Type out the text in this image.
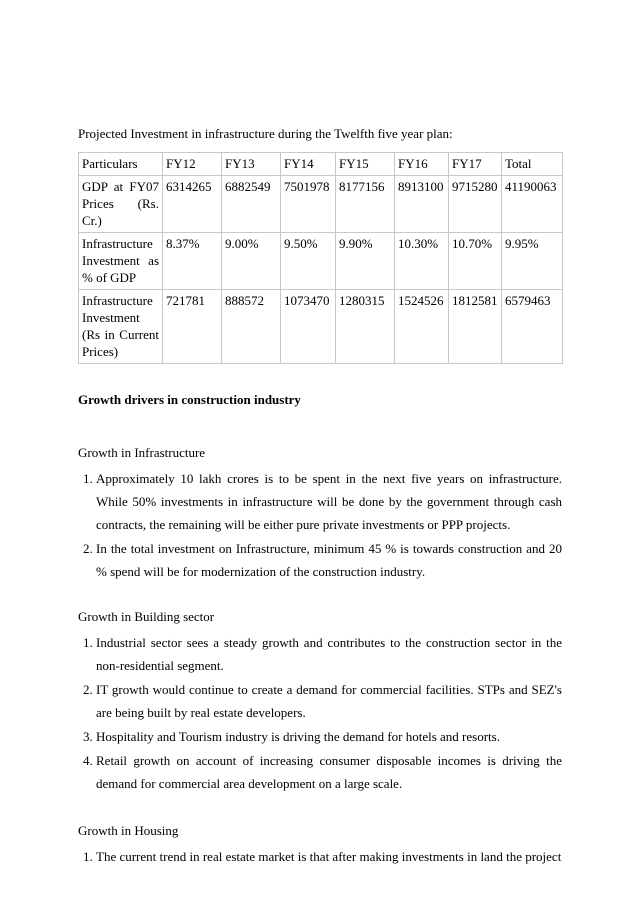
Projected Investment in infrastructure during the Twelfth five year plan:

Particulars	FY12	FY13	FY14	FY15	FY16	FY17	Total
GDP at FY07 Prices (Rs. Cr.)	6314265	6882549	7501978	8177156	8913100	9715280	41190063
Infrastructure Investment as % of GDP	8.37%	9.00%	9.50%	9.90%	10.30%	10.70%	9.95%
Infrastructure Investment (Rs in Current Prices)	721781	888572	1073470	1280315	1524526	1812581	6579463

Growth drivers in construction industry

Growth in Infrastructure

1. Approximately 10 lakh crores is to be spent in the next five years on infrastructure. While 50% investments in infrastructure will be done by the government through cash contracts, the remaining will be either pure private investments or PPP projects.
2. In the total investment on Infrastructure, minimum 45 % is towards construction and 20 % spend will be for modernization of the construction industry.

Growth in Building sector

1. Industrial sector sees a steady growth and contributes to the construction sector in the non-residential segment.
2. IT growth would continue to create a demand for commercial facilities. STPs and SEZ's are being built by real estate developers.
3. Hospitality and Tourism industry is driving the demand for hotels and resorts.
4. Retail growth on account of increasing consumer disposable incomes is driving the demand for commercial area development on a large scale.

Growth in Housing

1. The current trend in real estate market is that after making investments in land the project
